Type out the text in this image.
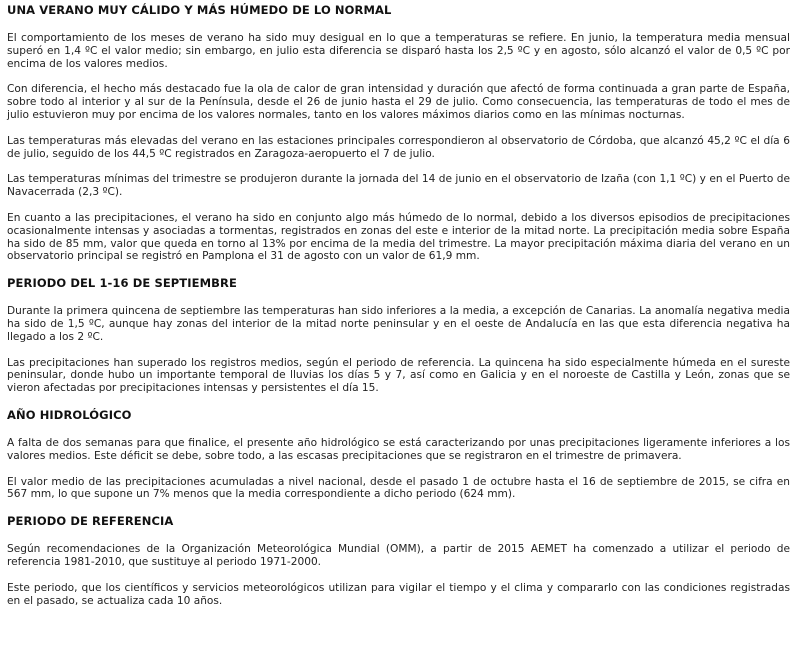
UNA VERANO MUY CÁLIDO Y MÁS HÚMEDO DE LO NORMAL

El comportamiento de los meses de verano ha sido muy desigual en lo que a temperaturas se refiere. En junio, la temperatura media mensual superó en 1,4 ºC el valor medio; sin embargo, en julio esta diferencia se disparó hasta los 2,5 ºC y en agosto, sólo alcanzó el valor de 0,5 ºC por encima de los valores medios.

Con diferencia, el hecho más destacado fue la ola de calor de gran intensidad y duración que afectó de forma continuada a gran parte de España, sobre todo al interior y al sur de la Península, desde el 26 de junio hasta el 29 de julio. Como consecuencia, las temperaturas de todo el mes de julio estuvieron muy por encima de los valores normales, tanto en los valores máximos diarios como en las mínimas nocturnas.

Las temperaturas más elevadas del verano en las estaciones principales correspondieron al observatorio de Córdoba, que alcanzó 45,2 ºC el día 6 de julio, seguido de los 44,5 ºC registrados en Zaragoza-aeropuerto el 7 de julio.

Las temperaturas mínimas del trimestre se produjeron durante la jornada del 14 de junio en el observatorio de Izaña (con 1,1 ºC) y en el Puerto de Navacerrada (2,3 ºC).

En cuanto a las precipitaciones, el verano ha sido en conjunto algo más húmedo de lo normal, debido a los diversos episodios de precipitaciones ocasionalmente intensas y asociadas a tormentas, registrados en zonas del este e interior de la mitad norte. La precipitación media sobre España ha sido de 85 mm, valor que queda en torno al 13% por encima de la media del trimestre. La mayor precipitación máxima diaria del verano en un observatorio principal se registró en Pamplona el 31 de agosto con un valor de 61,9 mm.

PERIODO DEL 1-16 DE SEPTIEMBRE

Durante la primera quincena de septiembre las temperaturas han sido inferiores a la media, a excepción de Canarias. La anomalía negativa media ha sido de 1,5 ºC, aunque hay zonas del interior de la mitad norte peninsular y en el oeste de Andalucía en las que esta diferencia negativa ha llegado a los 2 ºC.

Las precipitaciones han superado los registros medios, según el periodo de referencia. La quincena ha sido especialmente húmeda en el sureste peninsular, donde hubo un importante temporal de lluvias los días 5 y 7, así como en Galicia y en el noroeste de Castilla y León, zonas que se vieron afectadas por precipitaciones intensas y persistentes el día 15.

AÑO HIDROLÓGICO

A falta de dos semanas para que finalice, el presente año hidrológico se está caracterizando por unas precipitaciones ligeramente inferiores a los valores medios. Este déficit se debe, sobre todo, a las escasas precipitaciones que se registraron en el trimestre de primavera.

El valor medio de las precipitaciones acumuladas a nivel nacional, desde el pasado 1 de octubre hasta el 16 de septiembre de 2015, se cifra en 567 mm, lo que supone un 7% menos que la media correspondiente a dicho periodo (624 mm).

PERIODO DE REFERENCIA

Según recomendaciones de la Organización Meteorológica Mundial (OMM), a partir de 2015 AEMET ha comenzado a utilizar el periodo de referencia 1981-2010, que sustituye al periodo 1971-2000.

Este periodo, que los científicos y servicios meteorológicos utilizan para vigilar el tiempo y el clima y compararlo con las condiciones registradas en el pasado, se actualiza cada 10 años.
